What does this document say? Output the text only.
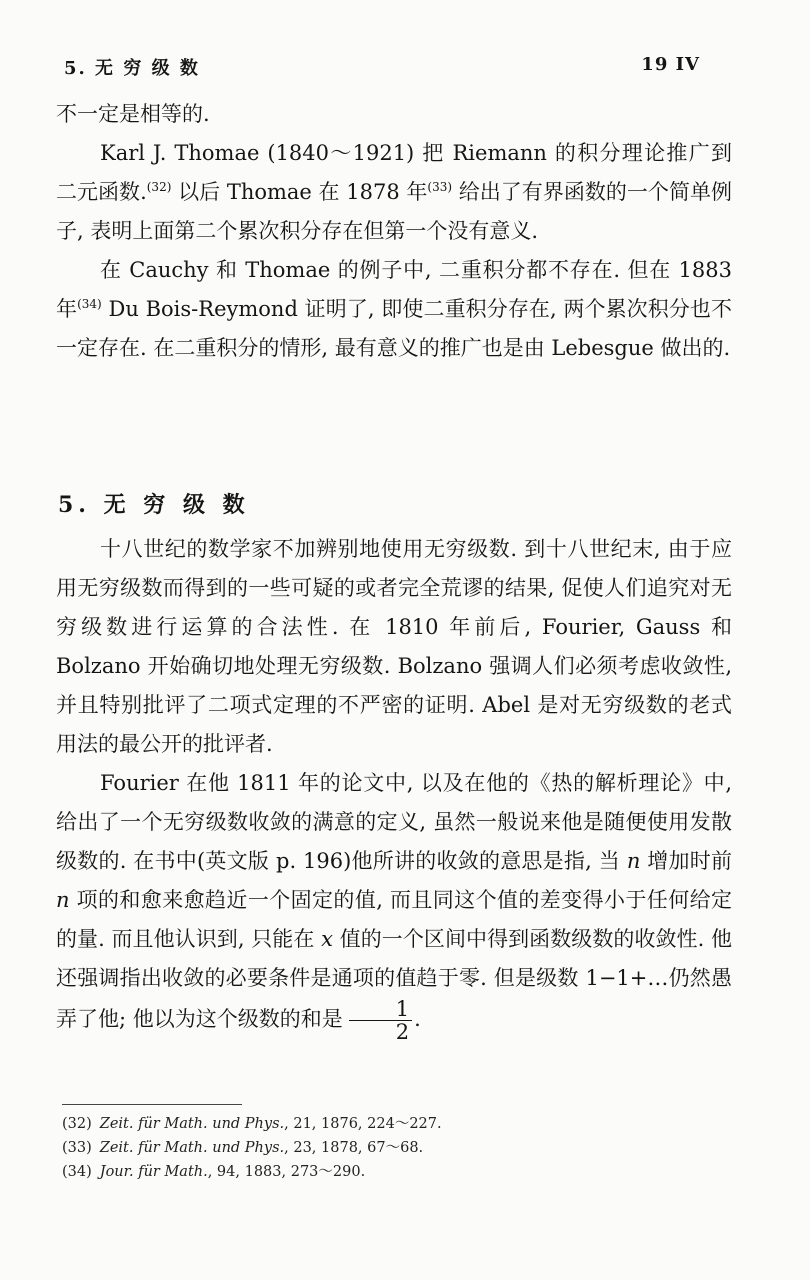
5. 无 穷 级 数	19 IV

不一定是相等的.

Karl J. Thomae (1840～1921) 把 Riemann 的积分理论推广到二元函数.$^{(32)}$ 以后 Thomae 在 1878 年$^{(33)}$ 给出了有界函数的一个简单例子, 表明上面第二个累次积分存在但第一个没有意义.

在 Cauchy 和 Thomae 的例子中, 二重积分都不存在. 但在 1883 年$^{(34)}$ Du Bois-Reymond 证明了, 即使二重积分存在, 两个累次积分也不一定存在. 在二重积分的情形, 最有意义的推广也是由 Lebesgue 做出的.

5. 无 穷 级 数

十八世纪的数学家不加辨别地使用无穷级数. 到十八世纪末, 由于应用无穷级数而得到的一些可疑的或者完全荒谬的结果, 促使人们追究对无穷级数进行运算的合法性. 在 1810 年前后, Fourier, Gauss 和 Bolzano 开始确切地处理无穷级数. Bolzano 强调人们必须考虑收敛性, 并且特别批评了二项式定理的不严密的证明. Abel 是对无穷级数的老式用法的最公开的批评者.

Fourier 在他 1811 年的论文中, 以及在他的《热的解析理论》中, 给出了一个无穷级数收敛的满意的定义, 虽然一般说来他是随便使用发散级数的. 在书中(英文版 p. 196)他所讲的收敛的意思是指, 当 n 增加时前 n 项的和愈来愈趋近一个固定的值, 而且同这个值的差变得小于任何给定的量. 而且他认识到, 只能在 x 值的一个区间中得到函数级数的收敛性. 他还强调指出收敛的必要条件是通项的值趋于零. 但是级数 1−1+…仍然愚弄了他; 他以为这个级数的和是 $\frac{1}{2}$ .

(32) Zeit. für Math. und Phys., 21, 1876, 224～227.
(33) Zeit. für Math. und Phys., 23, 1878, 67～68.
(34) Jour. für Math., 94, 1883, 273～290.
